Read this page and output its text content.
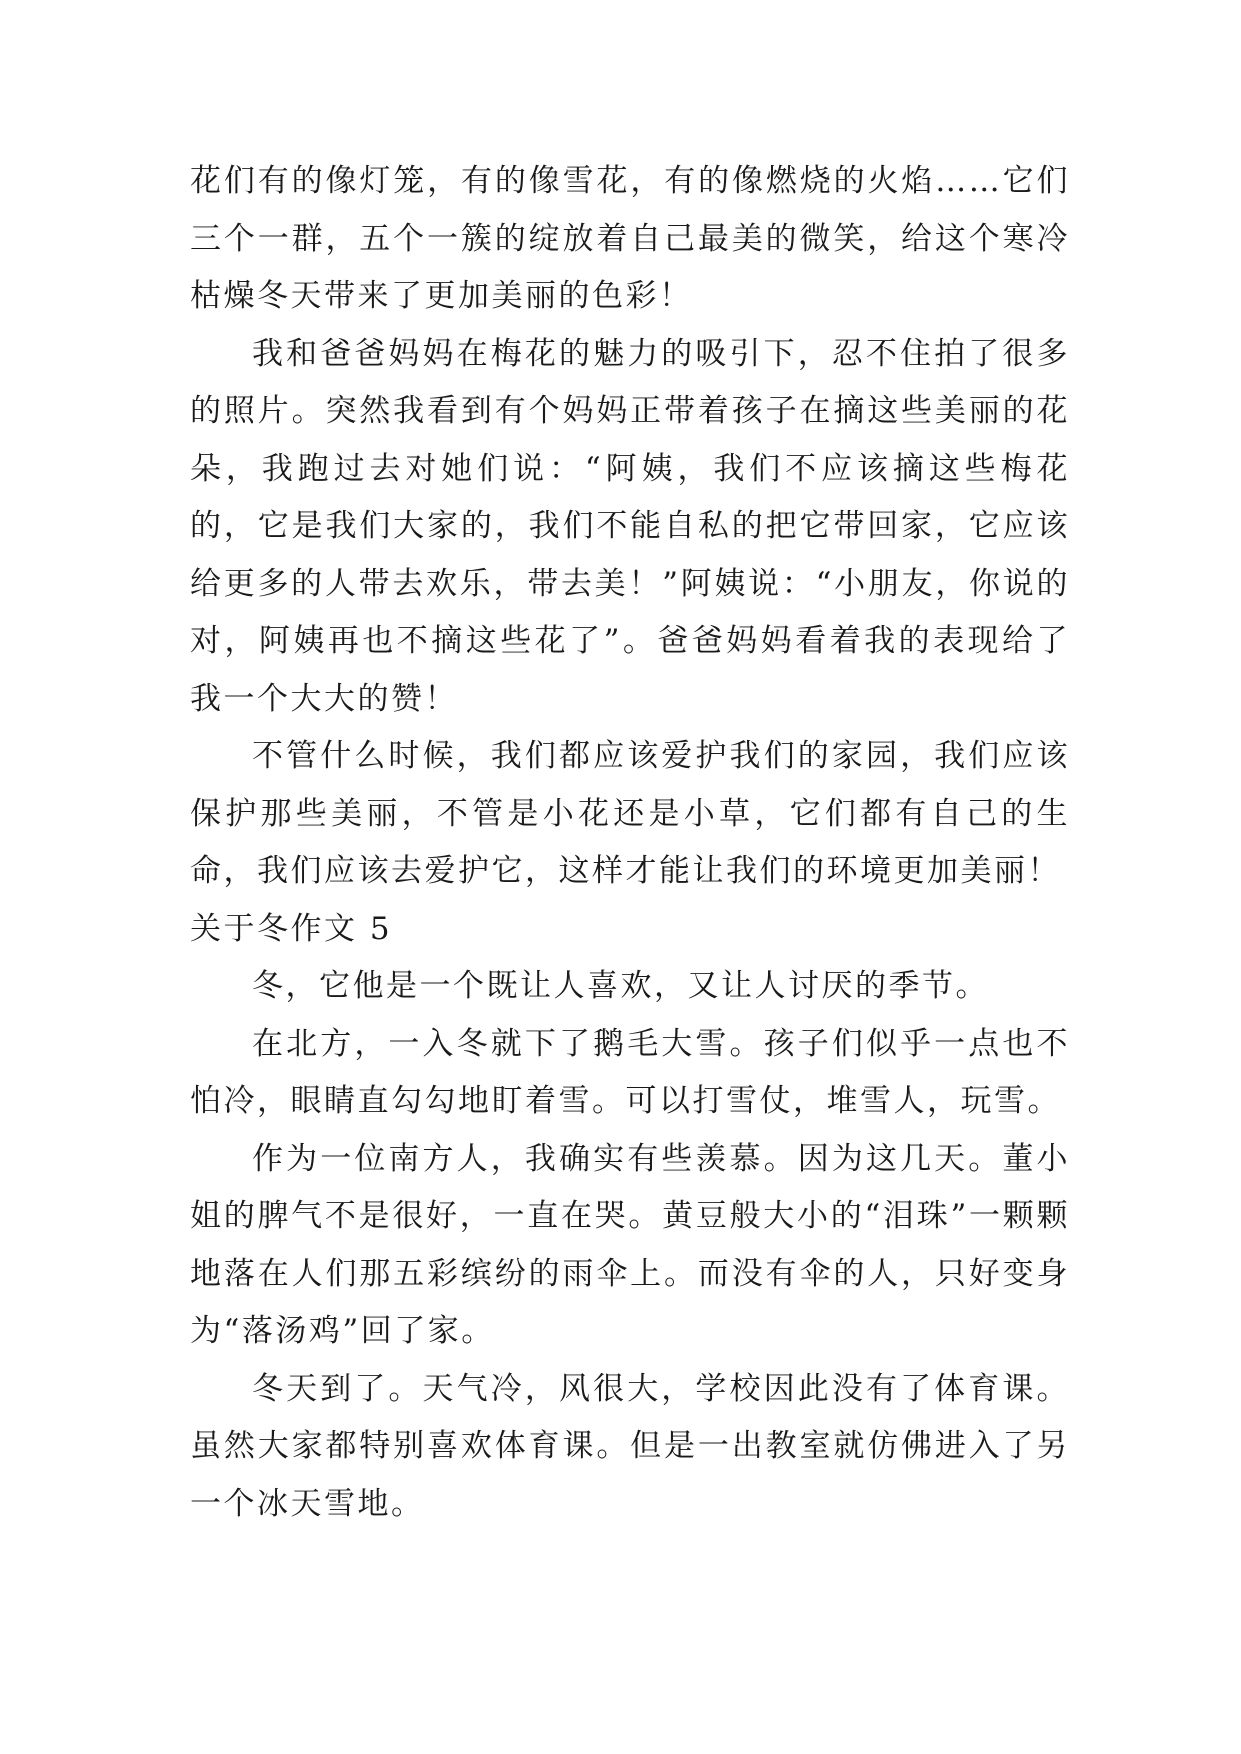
花们有的像灯笼，有的像雪花，有的像燃烧的火焰……它们三个一群，五个一簇的绽放着自己最美的微笑，给这个寒冷枯燥冬天带来了更加美丽的色彩！

我和爸爸妈妈在梅花的魅力的吸引下，忍不住拍了很多的照片。突然我看到有个妈妈正带着孩子在摘这些美丽的花朵，我跑过去对她们说：“阿姨，我们不应该摘这些梅花的，它是我们大家的，我们不能自私的把它带回家，它应该给更多的人带去欢乐，带去美！”阿姨说：“小朋友，你说的对，阿姨再也不摘这些花了”。爸爸妈妈看着我的表现给了我一个大大的赞！

不管什么时候，我们都应该爱护我们的家园，我们应该保护那些美丽，不管是小花还是小草，它们都有自己的生命，我们应该去爱护它，这样才能让我们的环境更加美丽！

关于冬作文 5

冬，它他是一个既让人喜欢，又让人讨厌的季节。

在北方，一入冬就下了鹅毛大雪。孩子们似乎一点也不怕冷，眼睛直勾勾地盯着雪。可以打雪仗，堆雪人，玩雪。

作为一位南方人，我确实有些羡慕。因为这几天。董小姐的脾气不是很好，一直在哭。黄豆般大小的“泪珠”一颗颗地落在人们那五彩缤纷的雨伞上。而没有伞的人，只好变身为“落汤鸡”回了家。

冬天到了。天气冷，风很大，学校因此没有了体育课。虽然大家都特别喜欢体育课。但是一出教室就仿佛进入了另一个冰天雪地。
